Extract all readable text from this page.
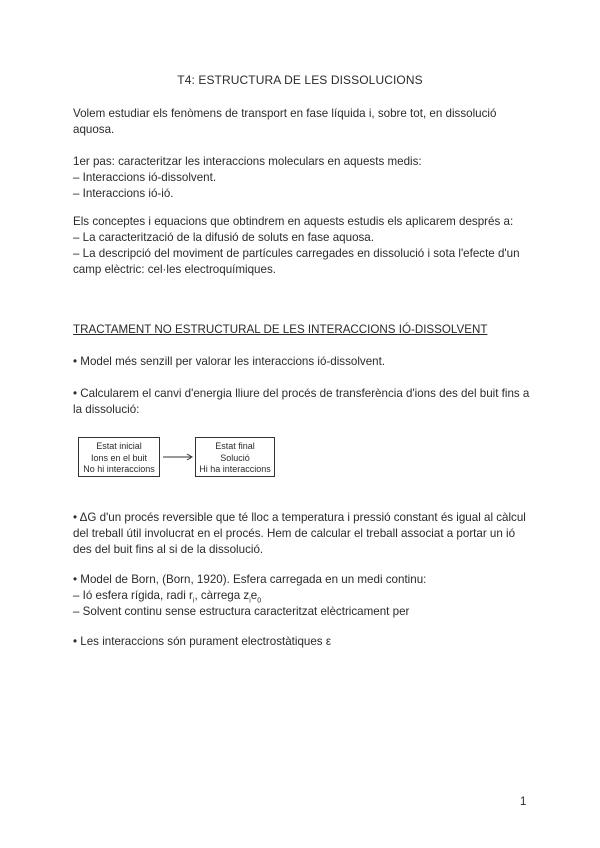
T4: ESTRUCTURA DE LES DISSOLUCIONS

Volem estudiar els fenòmens de transport en fase líquida i, sobre tot, en dissolució aquosa.

1er pas: caracteritzar les interaccions moleculars en aquests medis:

– Interaccions ió-dissolvent.

– Interaccions ió-ió.

Els conceptes i equacions que obtindrem en aquests estudis els aplicarem després a:

– La caracterització de la difusió de soluts en fase aquosa.

– La descripció del moviment de partícules carregades en dissolució i sota l'efecte d'un camp elèctric: cel·les electroquímiques.

TRACTAMENT NO ESTRUCTURAL DE LES INTERACCIONS IÓ-DISSOLVENT

• Model més senzill per valorar les interaccions ió-dissolvent.

• Calcularem el canvi d'energia lliure del procés de transferència d'ions des del buit fins a la dissolució:

Estat inicial
Ions en el buit
No hi interaccions
Estat final
Solució
Hi ha interaccions

• ΔG d'un procés reversible que té lloc a temperatura i pressió constant és igual al càlcul del treball útil involucrat en el procés. Hem de calcular el treball associat a portar un ió des del buit fins al si de la dissolució.

• Model de Born, (Born, 1920). Esfera carregada en un medi continu:

– Ió esfera rígida, radi $r_i$, càrrega $z_ie_0$

– Solvent continu sense estructura caracteritzat elèctricament per

• Les interaccions són purament electrostàtiques ε

1
